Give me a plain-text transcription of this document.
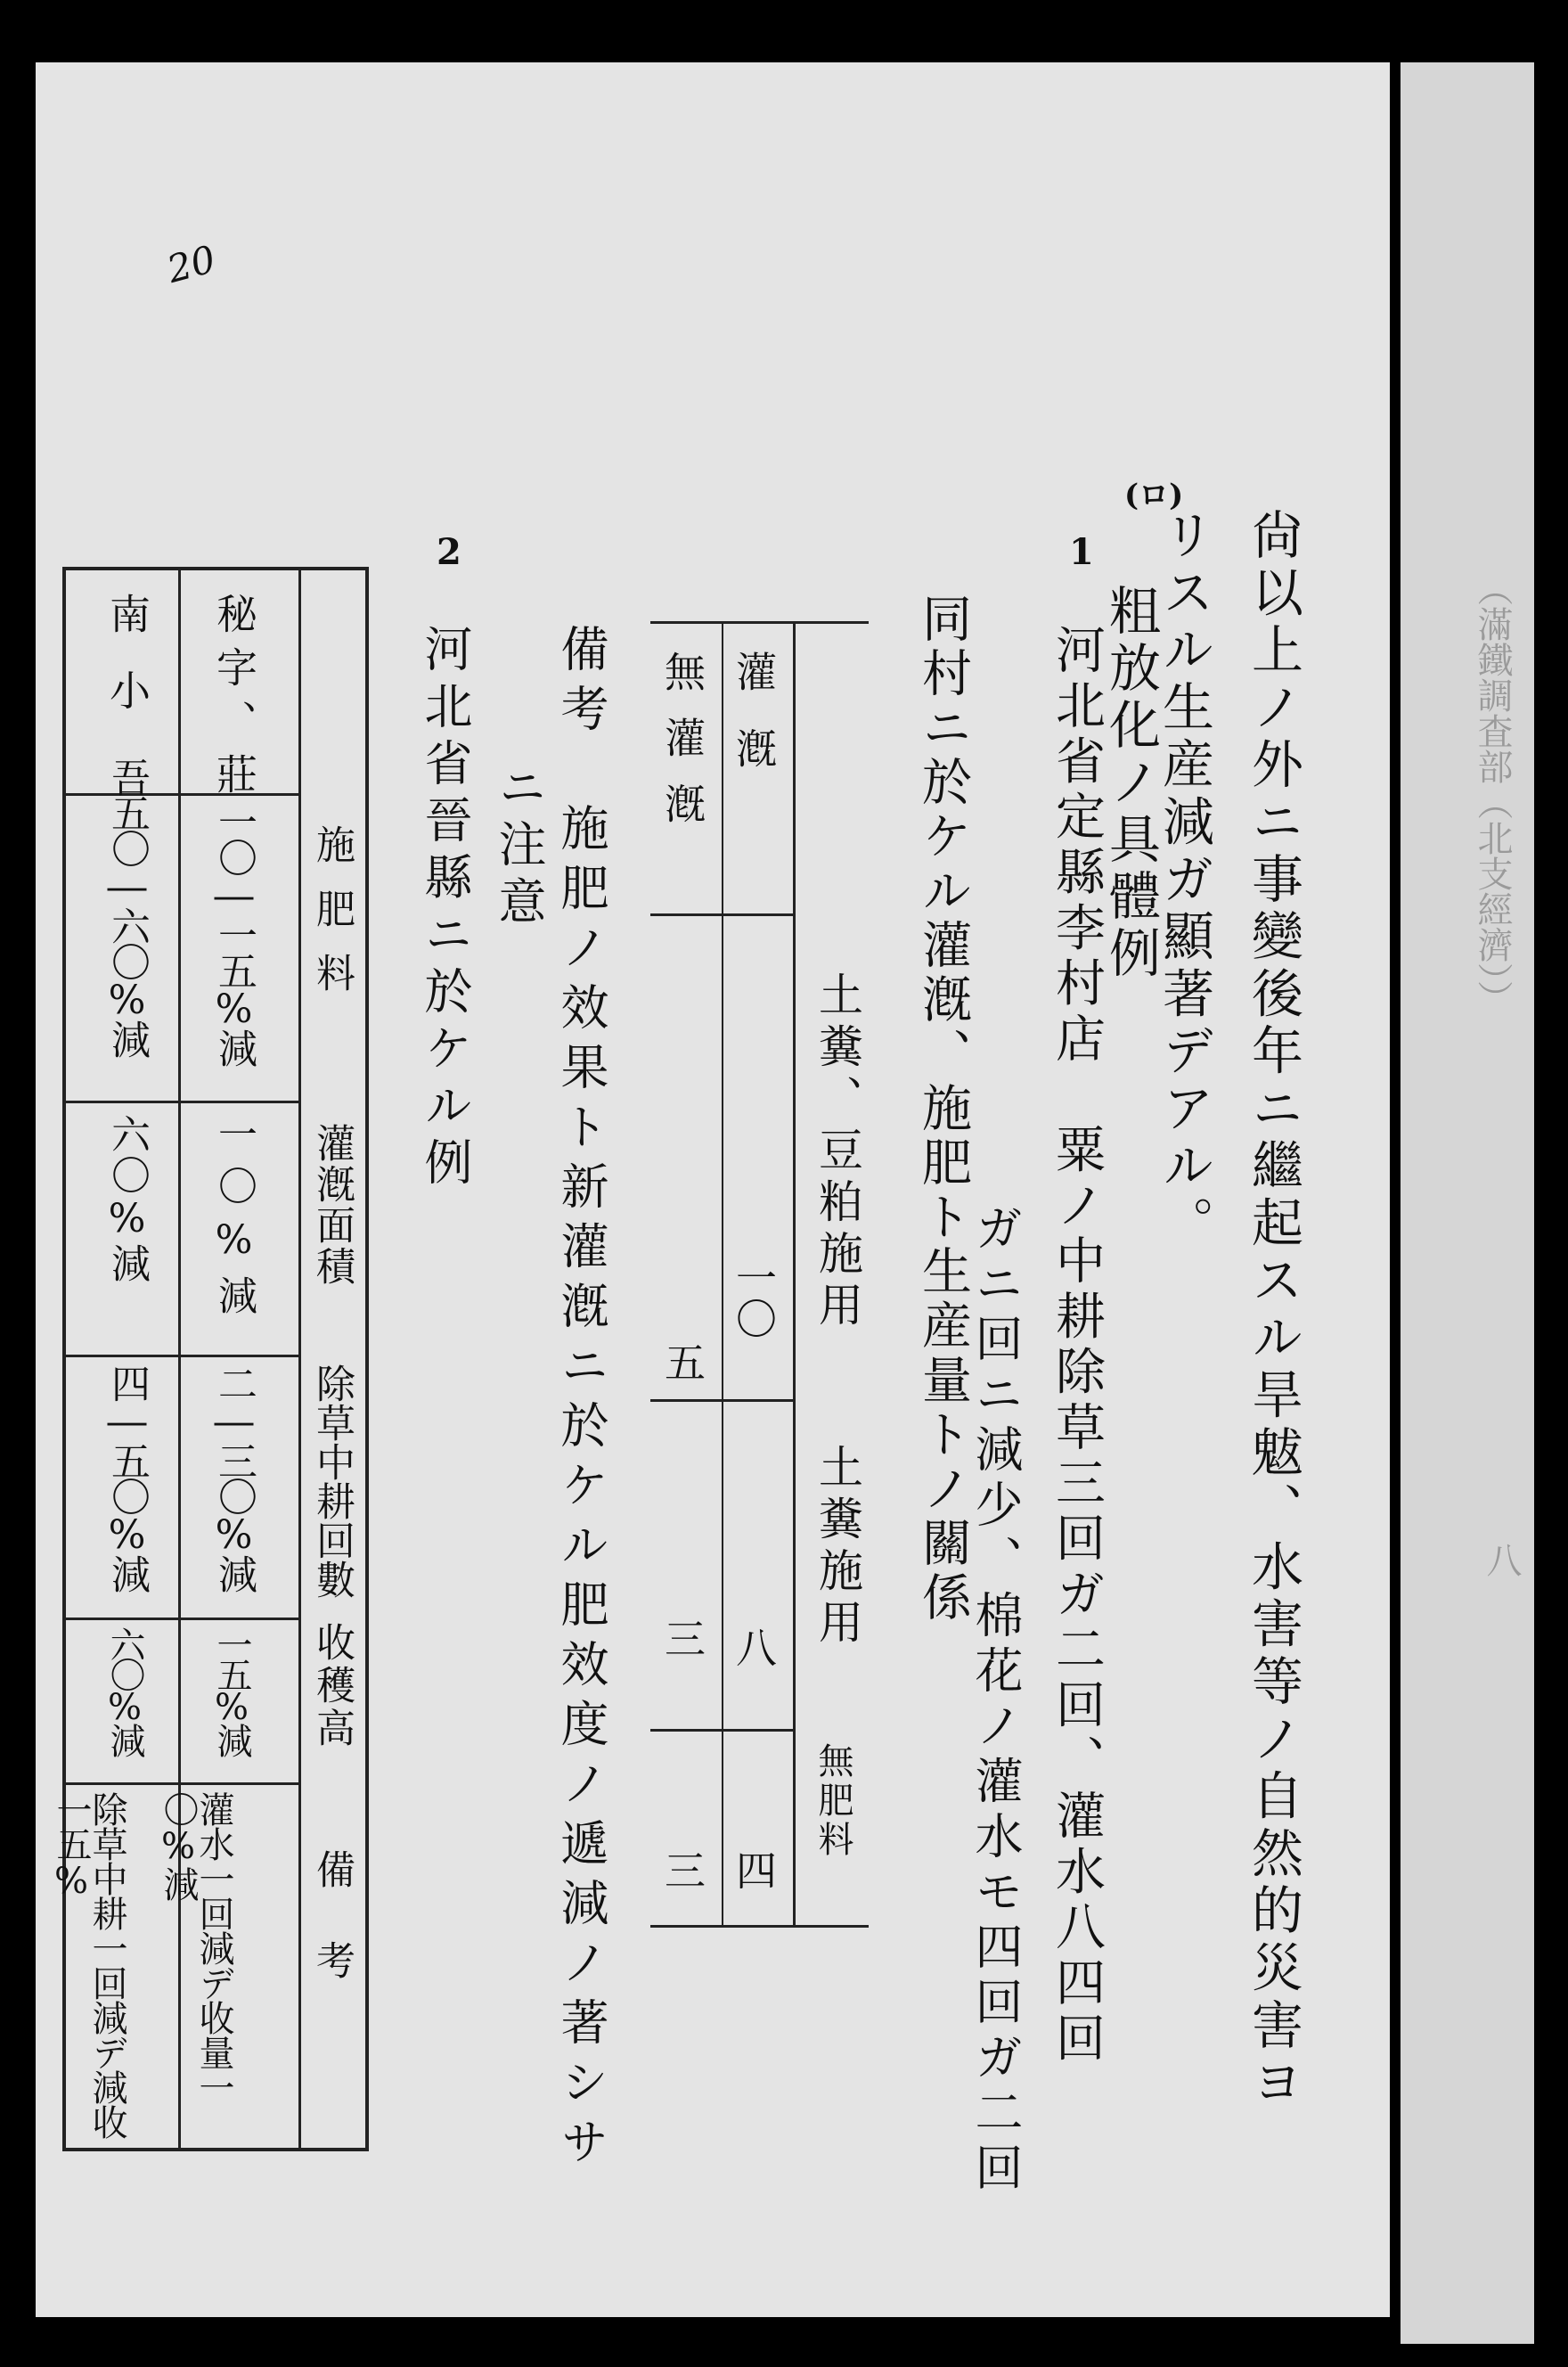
20
（滿鐵調査部（北支經濟））
八
尙以上ノ外ニ事變後年ニ繼起スル旱魃、水害等ノ自然的災害ヨ
リスル生産減ガ顯著デアル。
(ロ)
粗放化ノ具體例
1
河北省定縣李村店　粟ノ中耕除草三回ガ二回、灌水八四回
ガニ回ニ減少、棉花ノ灌水モ四回ガ二回
同村ニ於ケル灌漑、施肥ト生産量トノ關係
土糞、豆粕施用
土糞施用
無肥料
灌漑
一〇
八
四
無灌漑
五
三
三
備考　施肥ノ效果ト新灌漑ニ於ケル肥效度ノ遞減ノ著シサ
ニ注意
2
河北省晉縣ニ於ケル例
施肥料
灌漑面積
除草中耕回數
收穫高
備考
秘字、莊
一〇―一五%減
一〇%減
二―三〇%減
一五%減
灌水一回減デ收量一〇%減
南小
吾五〇―六〇%減
六〇%減
四―五〇%減
六〇%減
除草中耕一回減デ減收一五%
